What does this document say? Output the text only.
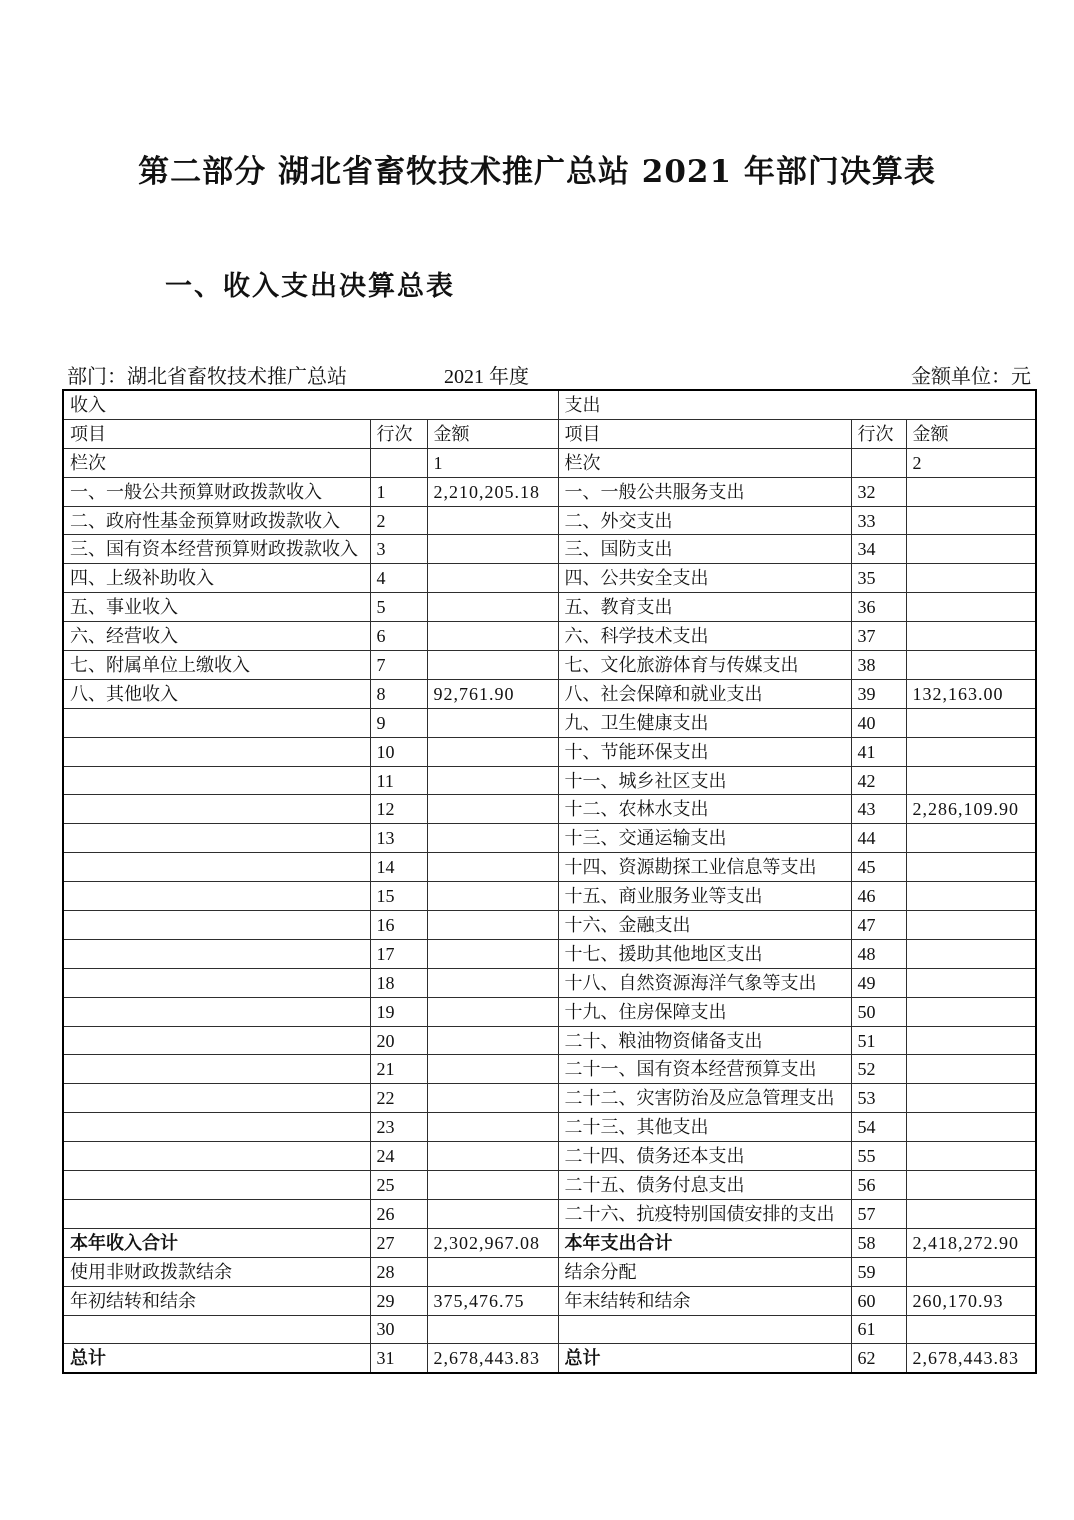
第二部分 湖北省畜牧技术推广总站 2021 年部门决算表
一、收入支出决算总表
部门：湖北省畜牧技术推广总站	2021 年度	金额单位：元
收入			支出		
项目	行次	金额	项目	行次	金额
栏次		1	栏次		2
一、一般公共预算财政拨款收入	1	2,210,205.18	一、一般公共服务支出	32	
二、政府性基金预算财政拨款收入	2		二、外交支出	33	
三、国有资本经营预算财政拨款收入	3		三、国防支出	34	
四、上级补助收入	4		四、公共安全支出	35	
五、事业收入	5		五、教育支出	36	
六、经营收入	6		六、科学技术支出	37	
七、附属单位上缴收入	7		七、文化旅游体育与传媒支出	38	
八、其他收入	8	92,761.90	八、社会保障和就业支出	39	132,163.00
	9		九、卫生健康支出	40	
	10		十、节能环保支出	41	
	11		十一、城乡社区支出	42	
	12		十二、农林水支出	43	2,286,109.90
	13		十三、交通运输支出	44	
	14		十四、资源勘探工业信息等支出	45	
	15		十五、商业服务业等支出	46	
	16		十六、金融支出	47	
	17		十七、援助其他地区支出	48	
	18		十八、自然资源海洋气象等支出	49	
	19		十九、住房保障支出	50	
	20		二十、粮油物资储备支出	51	
	21		二十一、国有资本经营预算支出	52	
	22		二十二、灾害防治及应急管理支出	53	
	23		二十三、其他支出	54	
	24		二十四、债务还本支出	55	
	25		二十五、债务付息支出	56	
	26		二十六、抗疫特别国债安排的支出	57	
本年收入合计	27	2,302,967.08	本年支出合计	58	2,418,272.90
使用非财政拨款结余	28		结余分配	59	
年初结转和结余	29	375,476.75	年末结转和结余	60	260,170.93
	30			61	
总计	31	2,678,443.83	总计	62	2,678,443.83
